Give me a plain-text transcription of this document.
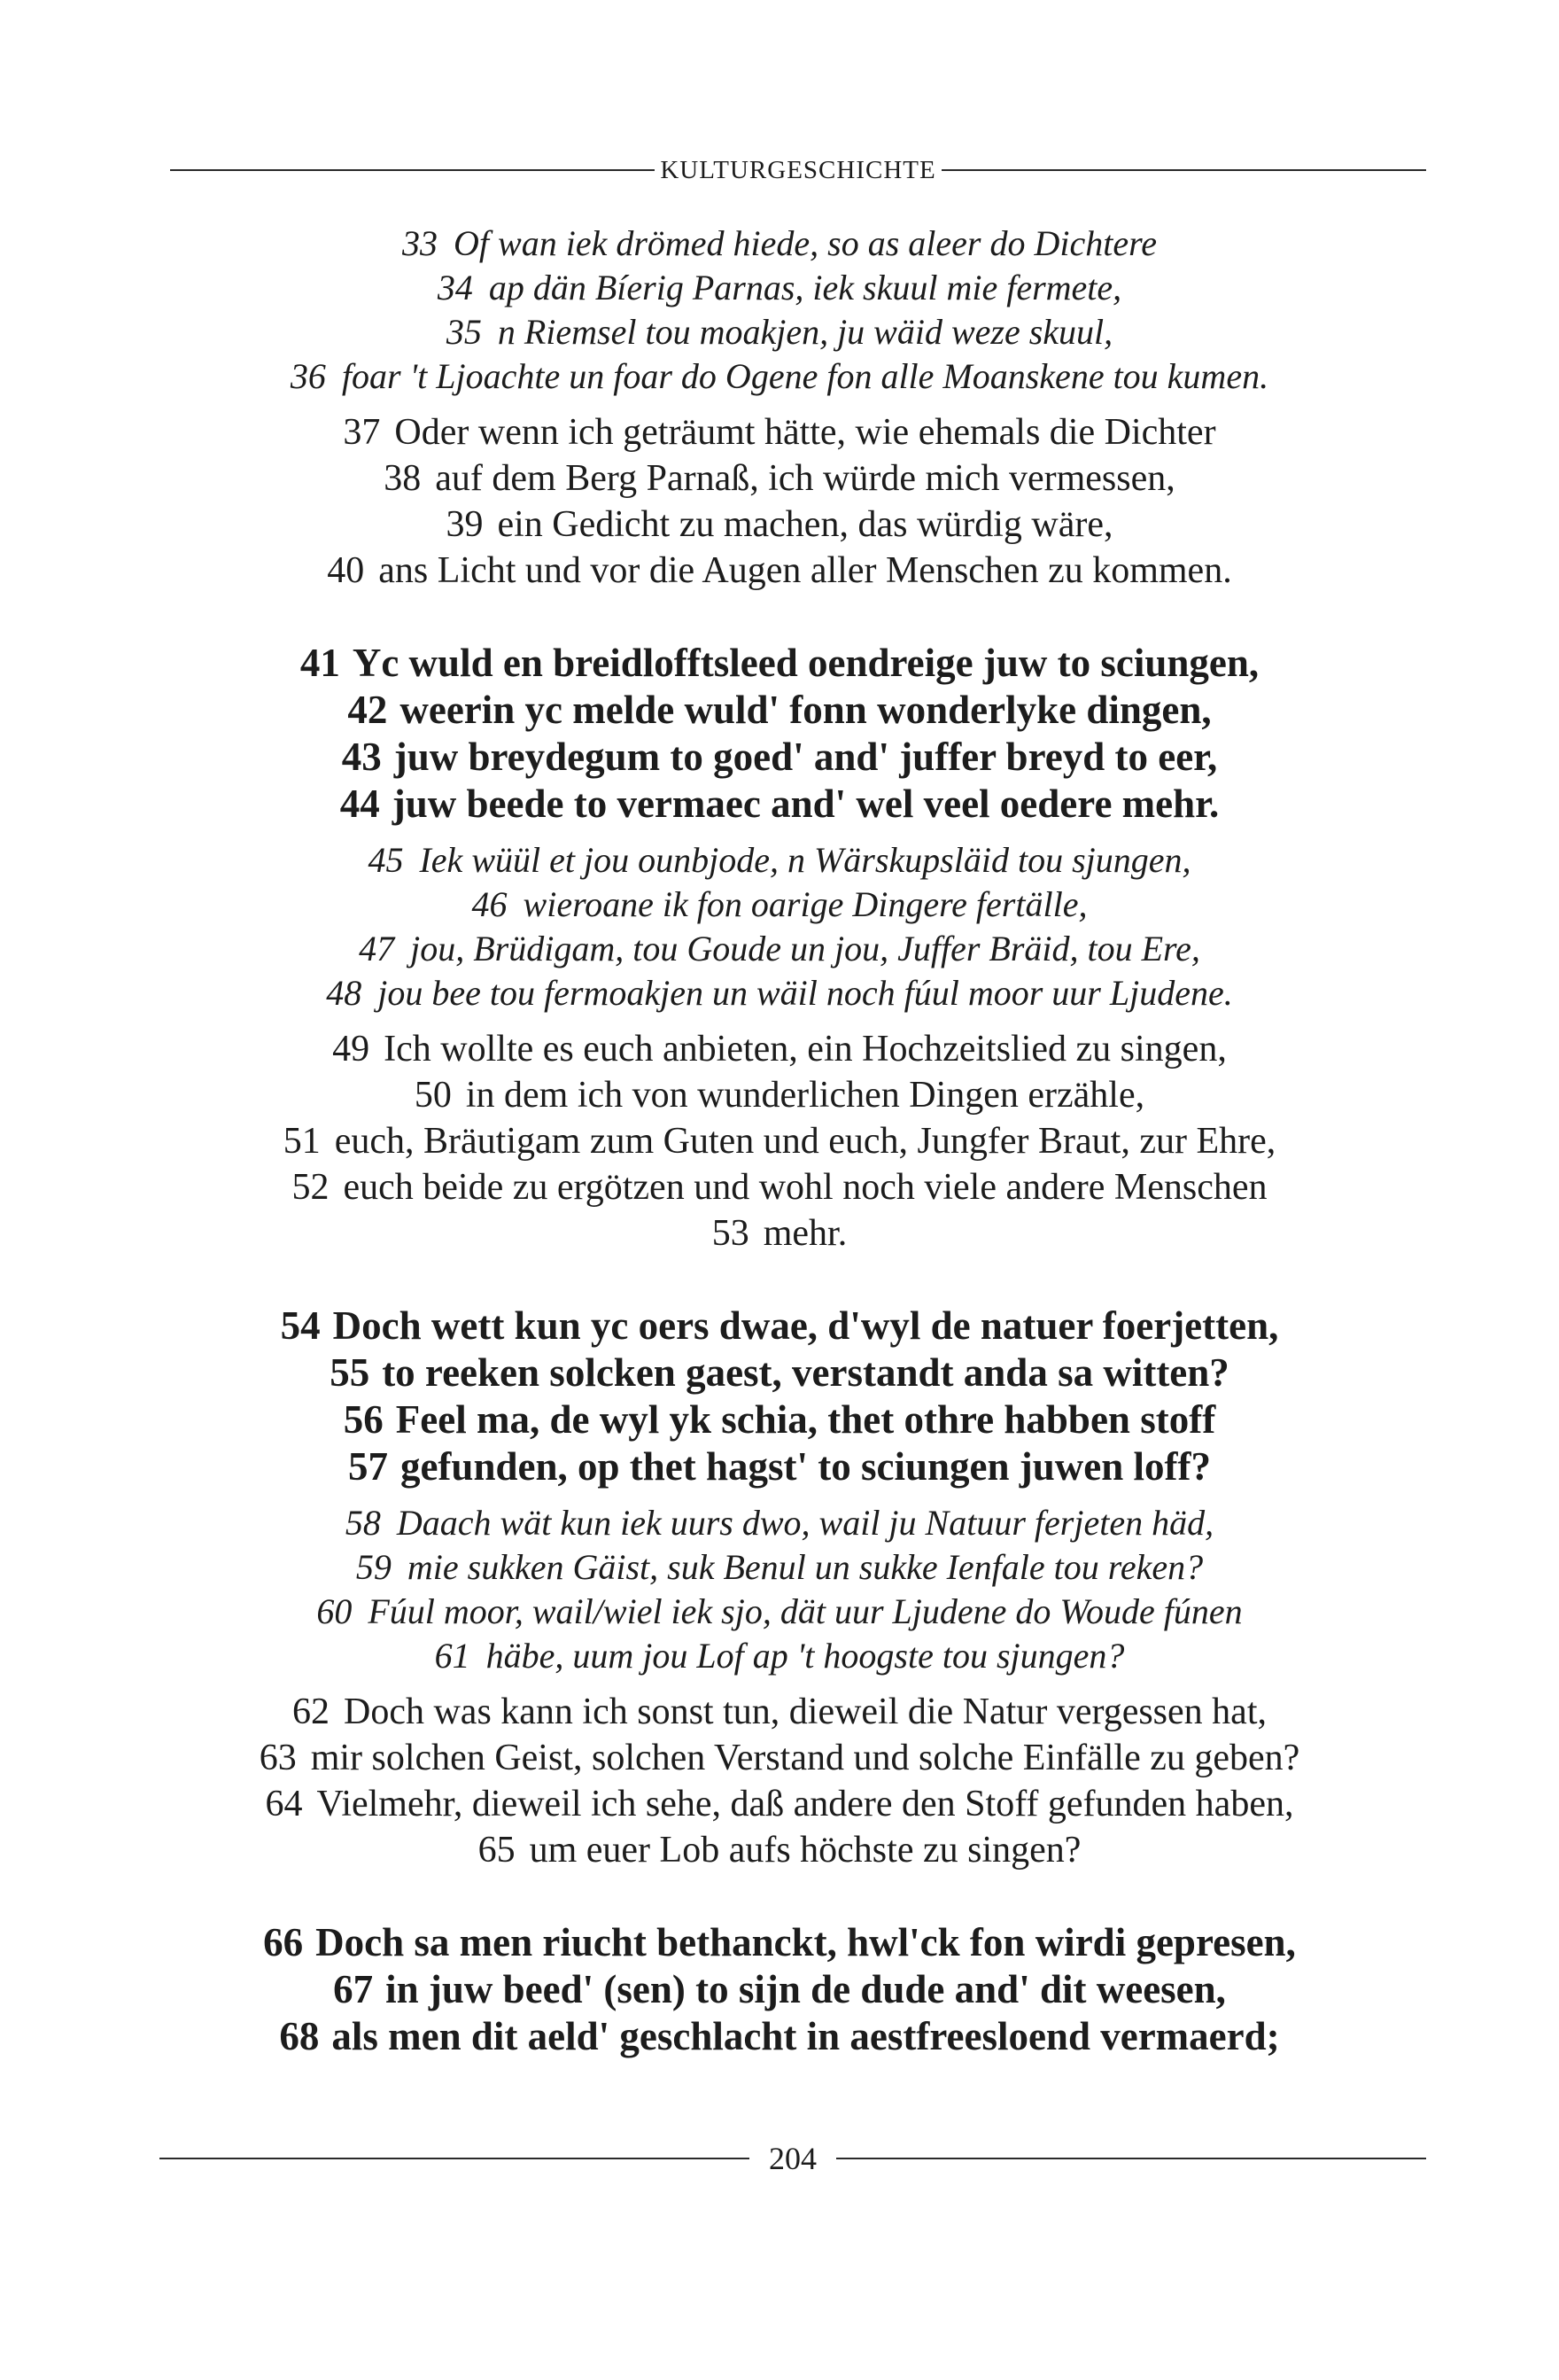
KULTURGESCHICHTE
33 Of wan iek drömed hiede, so as aleer do Dichtere
34 ap dän Bíerig Parnas, iek skuul mie fermete,
35 n Riemsel tou moakjen, ju wäid weze skuul,
36 foar 't Ljoachte un foar do Ogene fon alle Moanskene tou kumen.
37 Oder wenn ich geträumt hätte, wie ehemals die Dichter
38 auf dem Berg Parnaß, ich würde mich vermessen,
39 ein Gedicht zu machen, das würdig wäre,
40 ans Licht und vor die Augen aller Menschen zu kommen.
41 Yc wuld en breidlofftsleed oendreige juw to sciungen,
42 weerin yc melde wuld' fonn wonderlyke dingen,
43 juw breydegum to goed' and' juffer breyd to eer,
44 juw beede to vermaec and' wel veel oedere mehr.
45 Iek wüül et jou ounbjode, n Wärskupsläid tou sjungen,
46 wieroane ik fon oarige Dingere fertälle,
47 jou, Brüdigam, tou Goude un jou, Juffer Bräid, tou Ere,
48 jou bee tou fermoakjen un wäil noch fúul moor uur Ljudene.
49 Ich wollte es euch anbieten, ein Hochzeitslied zu singen,
50 in dem ich von wunderlichen Dingen erzähle,
51 euch, Bräutigam zum Guten und euch, Jungfer Braut, zur Ehre,
52 euch beide zu ergötzen und wohl noch viele andere Menschen
53 mehr.
54 Doch wett kun yc oers dwae, d'wyl de natuer foerjetten,
55 to reeken solcken gaest, verstandt anda sa witten?
56 Feel ma, de wyl yk schia, thet othre habben stoff
57 gefunden, op thet hagst' to sciungen juwen loff?
58 Daach wät kun iek uurs dwo, wail ju Natuur ferjeten häd,
59 mie sukken Gäist, suk Benul un sukke Ienfale tou reken?
60 Fúul moor, wail/wiel iek sjo, dät uur Ljudene do Woude fúnen
61 häbe, uum jou Lof ap 't hoogste tou sjungen?
62 Doch was kann ich sonst tun, dieweil die Natur vergessen hat,
63 mir solchen Geist, solchen Verstand und solche Einfälle zu geben?
64 Vielmehr, dieweil ich sehe, daß andere den Stoff gefunden haben,
65 um euer Lob aufs höchste zu singen?
66 Doch sa men riucht bethanckt, hwl'ck fon wirdi gepresen,
67 in juw beed' (sen) to sijn de dude and' dit weesen,
68 als men dit aeld' geschlacht in aestfreesloend vermaerd;
204
